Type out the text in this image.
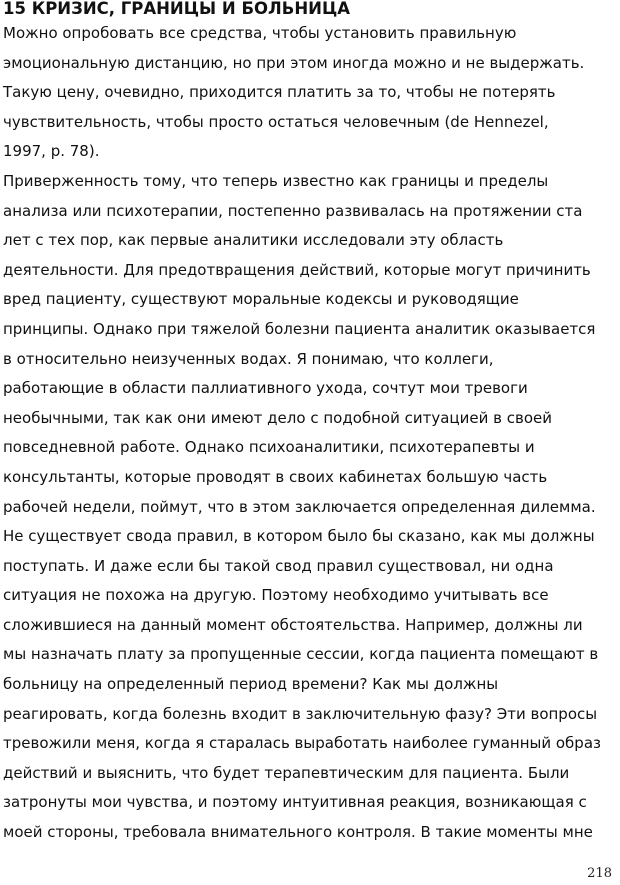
15 КРИЗИС, ГРАНИЦЫ И БОЛЬНИЦА
Можно опробовать все средства, чтобы установить правильную
эмоциональную дистанцию, но при этом иногда можно и не выдержать.
Такую цену, очевидно, приходится платить за то, чтобы не потерять
чувствительность, чтобы просто остаться человечным (de Hennezel,
1997, p. 78).
Приверженность тому, что теперь известно как границы и пределы
анализа или психотерапии, постепенно развивалась на протяжении ста
лет с тех пор, как первые аналитики исследовали эту область
деятельности. Для предотвращения действий, которые могут причинить
вред пациенту, существуют моральные кодексы и руководящие
принципы. Однако при тяжелой болезни пациента аналитик оказывается
в относительно неизученных водах. Я понимаю, что коллеги,
работающие в области паллиативного ухода, сочтут мои тревоги
необычными, так как они имеют дело с подобной ситуацией в своей
повседневной работе. Однако психоаналитики, психотерапевты и
консультанты, которые проводят в своих кабинетах большую часть
рабочей недели, поймут, что в этом заключается определенная дилемма.
Не существует свода правил, в котором было бы сказано, как мы должны
поступать. И даже если бы такой свод правил существовал, ни одна
ситуация не похожа на другую. Поэтому необходимо учитывать все
сложившиеся на данный момент обстоятельства. Например, должны ли
мы назначать плату за пропущенные сессии, когда пациента помещают в
больницу на определенный период времени? Как мы должны
реагировать, когда болезнь входит в заключительную фазу? Эти вопросы
тревожили меня, когда я старалась выработать наиболее гуманный образ
действий и выяснить, что будет терапевтическим для пациента. Были
затронуты мои чувства, и поэтому интуитивная реакция, возникающая с
моей стороны, требовала внимательного контроля. В такие моменты мне
218
